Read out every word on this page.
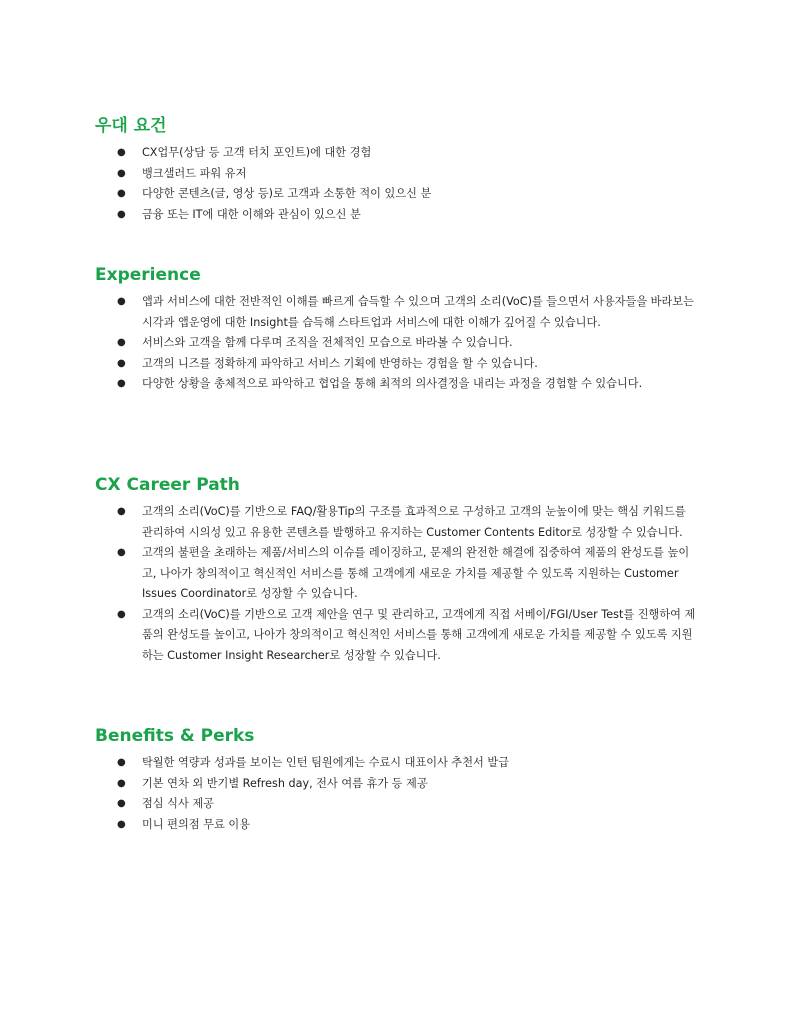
우대 요건
● CX업무(상담 등 고객 터치 포인트)에 대한 경험
● 뱅크샐러드 파워 유저
● 다양한 콘텐츠(글, 영상 등)로 고객과 소통한 적이 있으신 분
● 금융 또는 IT에 대한 이해와 관심이 있으신 분
Experience
● 앱과 서비스에 대한 전반적인 이해를 빠르게 습득할 수 있으며 고객의 소리(VoC)를 들으면서 사용자들을 바라보는 시각과 앱운영에 대한 Insight를 습득해 스타트업과 서비스에 대한 이해가 깊어질 수 있습니다.
● 서비스와 고객을 함께 다루며 조직을 전체적인 모습으로 바라볼 수 있습니다.
● 고객의 니즈를 정확하게 파악하고 서비스 기획에 반영하는 경험을 할 수 있습니다.
● 다양한 상황을 총체적으로 파악하고 협업을 통해 최적의 의사결정을 내리는 과정을 경험할 수 있습니다.
CX Career Path
● 고객의 소리(VoC)를 기반으로 FAQ/활용Tip의 구조를 효과적으로 구성하고 고객의 눈높이에 맞는 핵심 키워드를 관리하여 시의성 있고 유용한 콘텐츠를 발행하고 유지하는 Customer Contents Editor로 성장할 수 있습니다.
● 고객의 불편을 초래하는 제품/서비스의 이슈를 레이징하고, 문제의 완전한 해결에 집중하여 제품의 완성도를 높이고, 나아가 창의적이고 혁신적인 서비스를 통해 고객에게 새로운 가치를 제공할 수 있도록 지원하는 Customer Issues Coordinator로 성장할 수 있습니다.
● 고객의 소리(VoC)를 기반으로 고객 제안을 연구 및 관리하고, 고객에게 직접 서베이/FGI/User Test를 진행하여 제품의 완성도를 높이고, 나아가 창의적이고 혁신적인 서비스를 통해 고객에게 새로운 가치를 제공할 수 있도록 지원하는 Customer Insight Researcher로 성장할 수 있습니다.
Benefits & Perks
● 탁월한 역량과 성과를 보이는 인턴 팀원에게는 수료시 대표이사 추천서 발급
● 기본 연차 외 반기별 Refresh day, 전사 여름 휴가 등 제공
● 점심 식사 제공
● 미니 편의점 무료 이용
